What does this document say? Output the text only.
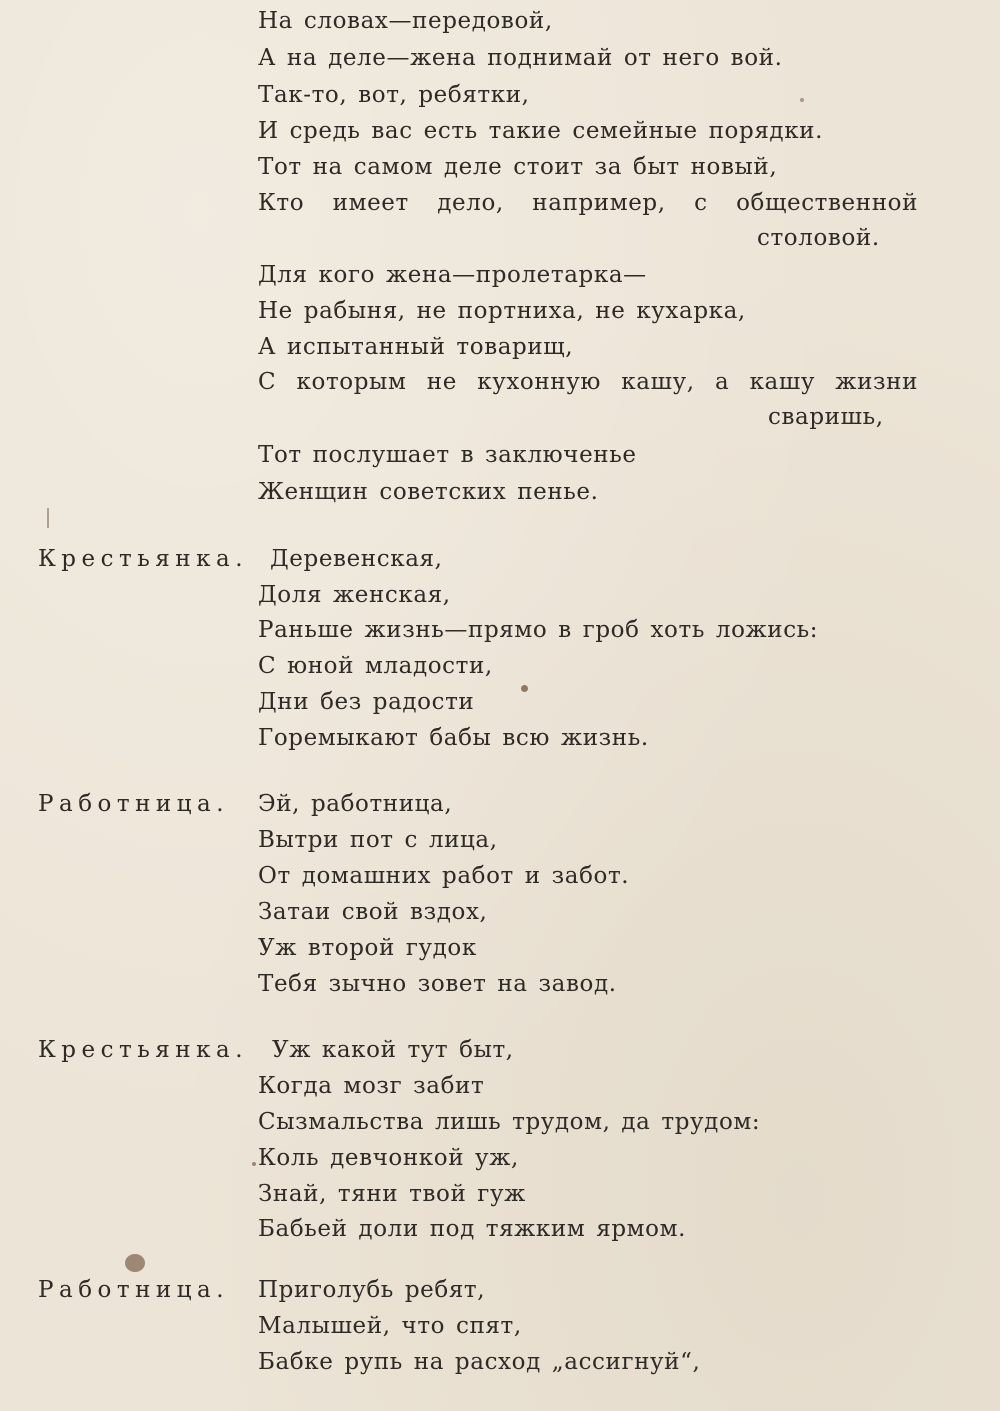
На словах—передовой,
А на деле—жена поднимай от него вой.
Так-то, вот, ребятки,
И средь вас есть такие семейные порядки.
Тот на самом деле стоит за быт новый,
Кто имеет дело, например, с общественной
столовой.
Для кого жена—пролетарка—
Не рабыня, не портниха, не кухарка,
А испытанный товарищ,
С которым не кухонную кашу, а кашу жизни
сваришь,
Тот послушает в заключенье
Женщин советских пенье.
Крестьянка. Деревенская,
Доля женская,
Раньше жизнь—прямо в гроб хоть ложись:
С юной младости,
Дни без радости
Горемыкают бабы всю жизнь.
Работница. Эй, работница,
Вытри пот с лица,
От домашних работ и забот.
Затаи свой вздох,
Уж второй гудок
Тебя зычно зовет на завод.
Крестьянка. Уж какой тут быт,
Когда мозг забит
Сызмальства лишь трудом, да трудом:
Коль девчонкой уж,
Знай, тяни твой гуж
Бабьей доли под тяжким ярмом.
Работница. Приголубь ребят,
Малышей, что спят,
Бабке рупь на расход „ассигнуй“,
